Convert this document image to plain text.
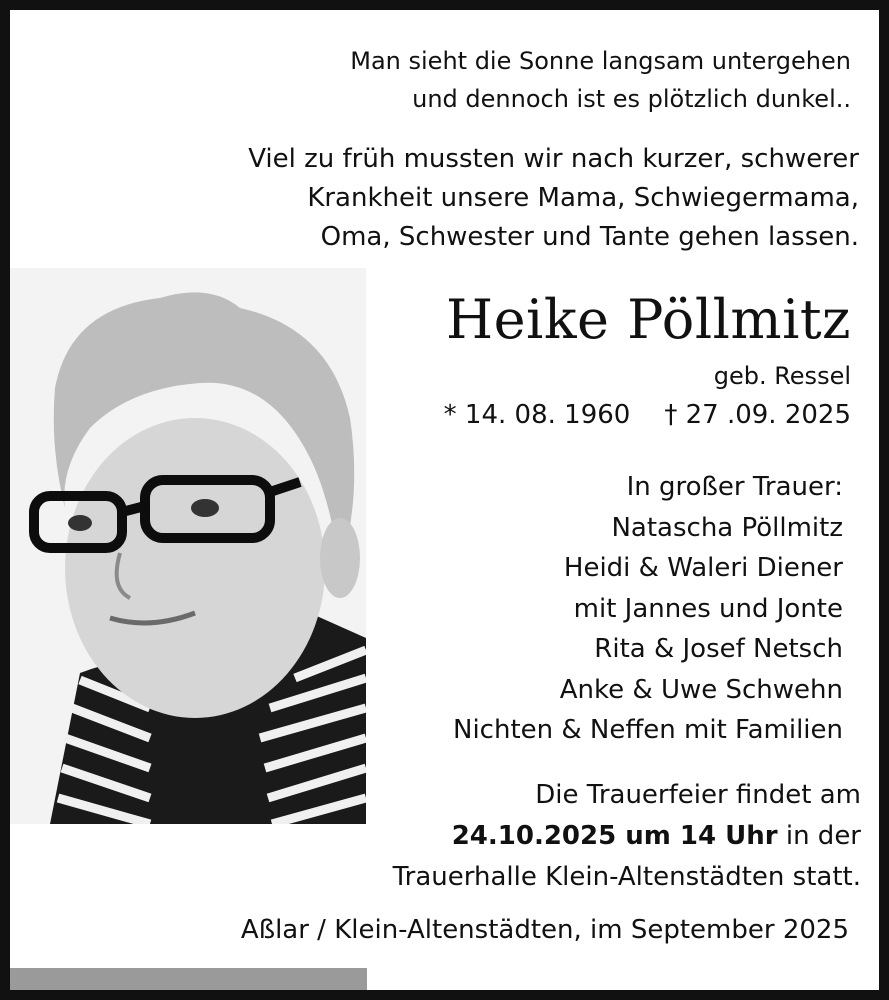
Man sieht die Sonne langsam untergehen
und dennoch ist es plötzlich dunkel..
Viel zu früh mussten wir nach kurzer, schwerer
Krankheit unsere Mama, Schwiegermama,
Oma, Schwester und Tante gehen lassen.
Heike Pöllmitz
geb. Ressel
* 14. 08. 1960 † 27 .09. 2025
In großer Trauer:
Natascha Pöllmitz
Heidi & Waleri Diener
mit Jannes und Jonte
Rita & Josef Netsch
Anke & Uwe Schwehn
Nichten & Neffen mit Familien
Die Trauerfeier findet am
24.10.2025 um 14 Uhr in der
Trauerhalle Klein-Altenstädten statt.
Aßlar / Klein-Altenstädten, im September 2025
